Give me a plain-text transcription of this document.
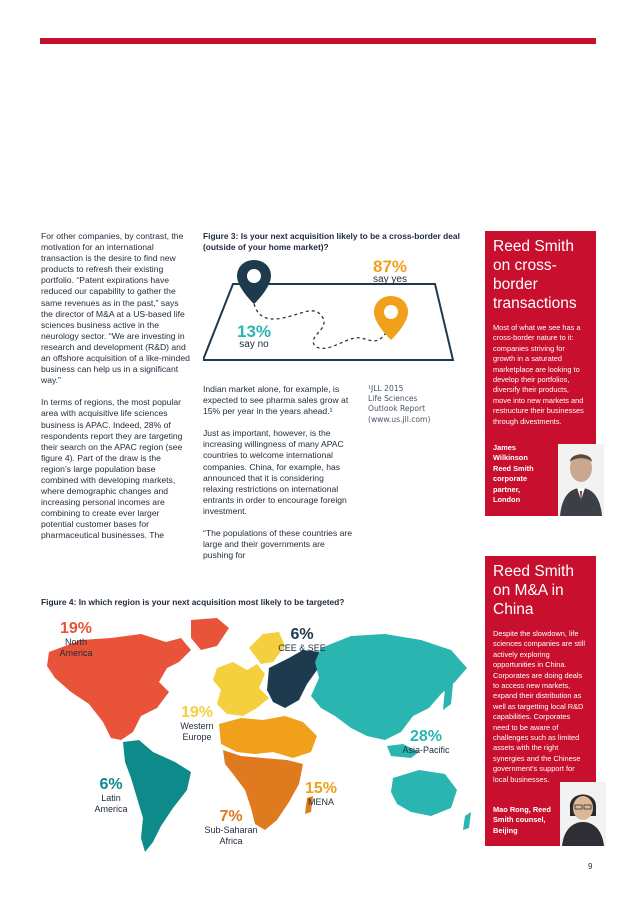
For other companies, by contrast, the motivation for an international transaction is the desire to find new products to refresh their existing portfolio. “Patent expirations have reduced our capability to gather the same revenues as in the past,” says the director of M&A at a US-based life sciences business active in the neurology sector. “We are investing in research and development (R&D) and an offshore acquisition of a like-minded business can help us in a significant way.”

In terms of regions, the most popular area with acquisitive life sciences business is APAC. Indeed, 28% of respondents report they are targeting their search on the APAC region (see figure 4). Part of the draw is the region’s large population base combined with developing markets, where demographic changes and increasing personal incomes are combining to create ever larger potential customer bases for pharmaceutical businesses. The

Figure 3: Is your next acquisition likely to be a cross-border deal (outside of your home market)?
87%
say yes
13%
say no

Indian market alone, for example, is expected to see pharma sales grow at 15% per year in the years ahead.¹

Just as important, however, is the increasing willingness of many APAC countries to welcome international companies. China, for example, has announced that it is considering relaxing restrictions on international entrants in order to encourage foreign investment.

“The populations of these countries are large and their governments are pushing for

¹JLL 2015
Life Sciences
Outlook Report
(www.us.jll.com)
Figure 4: In which region is your next acquisition most likely to be targeted?
19%
North
America
6%
CEE & SEE
19%
Western
Europe	28%
Asia-Pacific
6%
Latin
America
15%
MENA
7%
Sub-Saharan
Africa
Reed Smith on cross-border transactions
Most of what we see has a cross-border nature to it: companies striving for growth in a saturated marketplace are looking to develop their portfolios, diversify their products, move into new markets and restructure their businesses through divestments.
James Wilkinson Reed Smith corporate partner, London
Reed Smith on M&A in China
Despite the slowdown, life sciences companies are still actively exploring opportunities in China. Corporates are doing deals to access new markets, expand their distribution as well as targetting local R&D capabilities. Corporates need to be aware of challenges such as limited assets with the right synergies and the Chinese government’s support for local businesses.
Mao Rong, Reed Smith counsel, Beijing
9
